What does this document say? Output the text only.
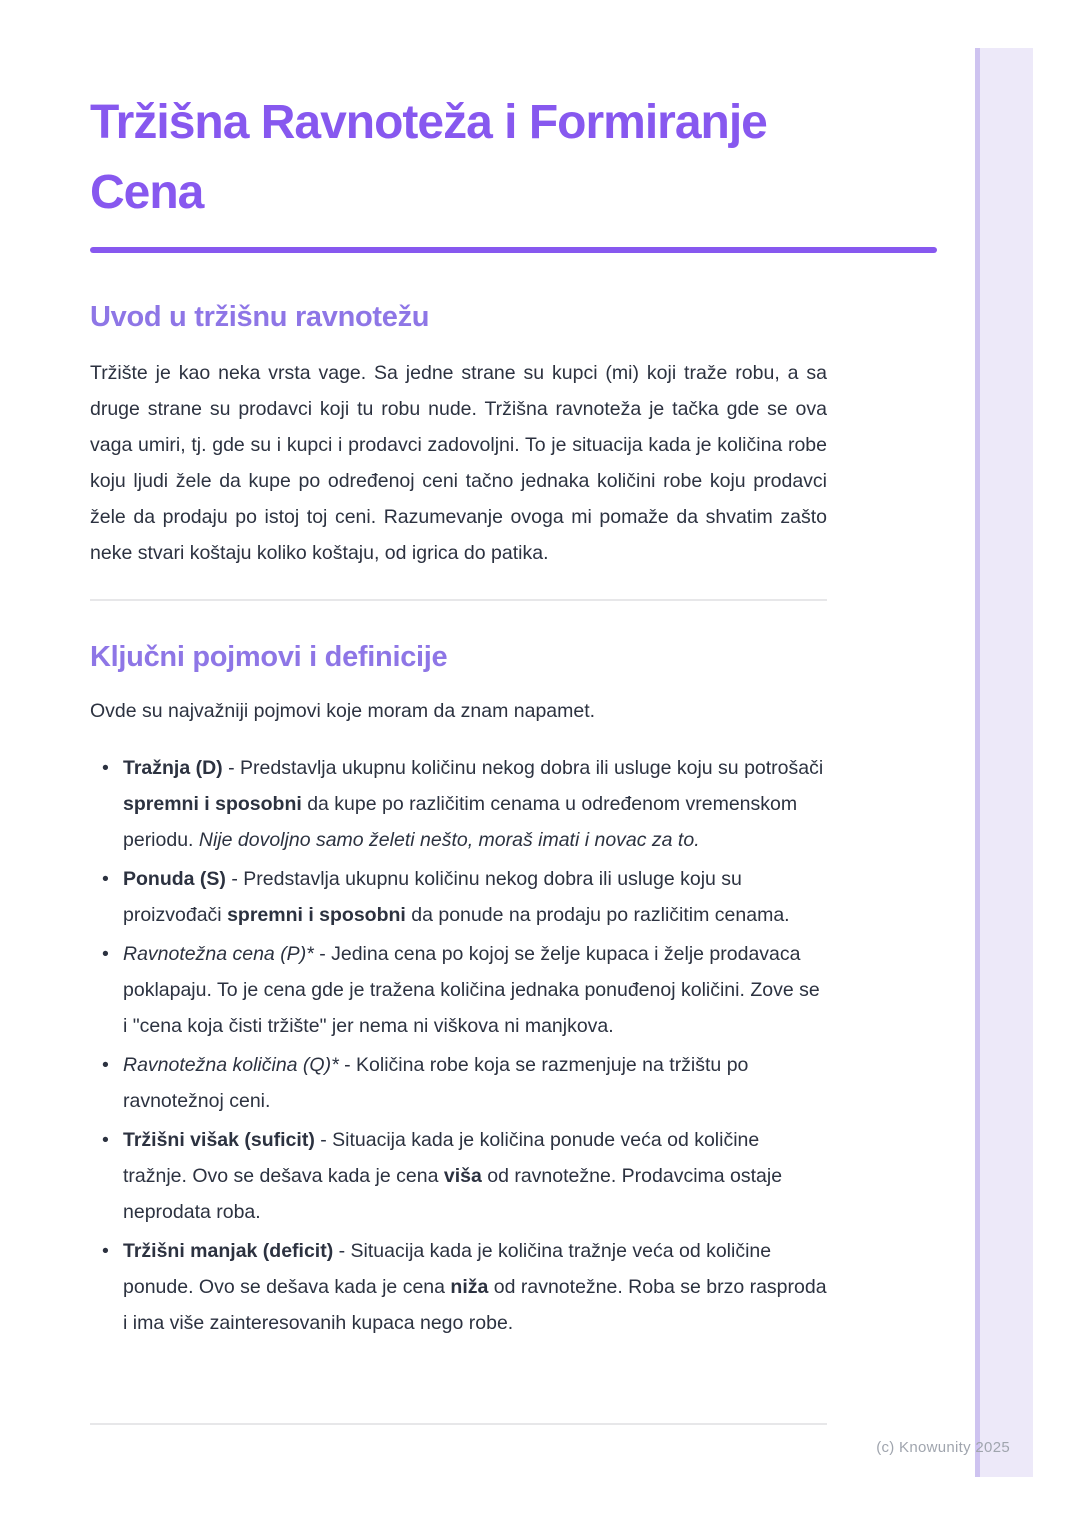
Tržišna Ravnoteža i Formiranje
Cena
Uvod u tržišnu ravnotežu

Tržište je kao neka vrsta vage. Sa jedne strane su kupci (mi) koji traže robu, a sa druge strane su prodavci koji tu robu nude. Tržišna ravnoteža je tačka gde se ova vaga umiri, tj. gde su i kupci i prodavci zadovoljni. To je situacija kada je količina robe koju ljudi žele da kupe po određenoj ceni tačno jednaka količini robe koju prodavci žele da prodaju po istoj toj ceni. Razumevanje ovoga mi pomaže da shvatim zašto neke stvari koštaju koliko koštaju, od igrica do patika.

Ključni pojmovi i definicije

Ovde su najvažniji pojmovi koje moram da znam napamet.

• Tražnja (D) - Predstavlja ukupnu količinu nekog dobra ili usluge koju su potrošači spremni i sposobni da kupe po različitim cenama u određenom vremenskom periodu. Nije dovoljno samo želeti nešto, moraš imati i novac za to.
• Ponuda (S) - Predstavlja ukupnu količinu nekog dobra ili usluge koju su proizvođači spremni i sposobni da ponude na prodaju po različitim cenama.
• Ravnotežna cena (P)* - Jedina cena po kojoj se želje kupaca i želje prodavaca poklapaju. To je cena gde je tražena količina jednaka ponuđenoj količini. Zove se i "cena koja čisti tržište" jer nema ni viškova ni manjkova.
• Ravnotežna količina (Q)* - Količina robe koja se razmenjuje na tržištu po ravnotežnoj ceni.
• Tržišni višak (suficit) - Situacija kada je količina ponude veća od količine tražnje. Ovo se dešava kada je cena viša od ravnotežne. Prodavcima ostaje neprodata roba.
• Tržišni manjak (deficit) - Situacija kada je količina tražnje veća od količine ponude. Ovo se dešava kada je cena niža od ravnotežne. Roba se brzo rasproda i ima više zainteresovanih kupaca nego robe.
(c) Knowunity 2025
